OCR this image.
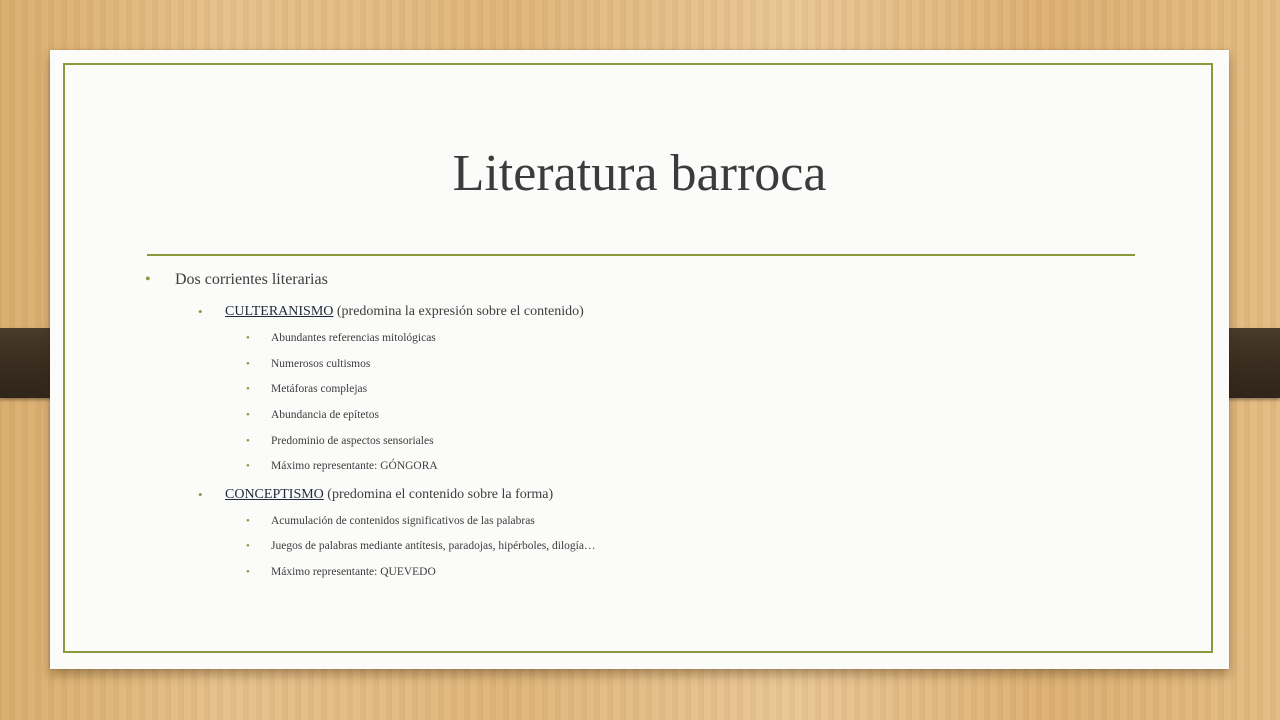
Literatura barroca
• Dos corrientes literarias
• CULTERANISMO (predomina la expresión sobre el contenido)
• Abundantes referencias mitológicas
• Numerosos cultismos
• Metáforas complejas
• Abundancia de epítetos
• Predominio de aspectos sensoriales
• Máximo representante: GÓNGORA
• CONCEPTISMO (predomina el contenido sobre la forma)
• Acumulación de contenidos significativos de las palabras
• Juegos de palabras mediante antítesis, paradojas, hipérboles, dilogía…
• Máximo representante: QUEVEDO
